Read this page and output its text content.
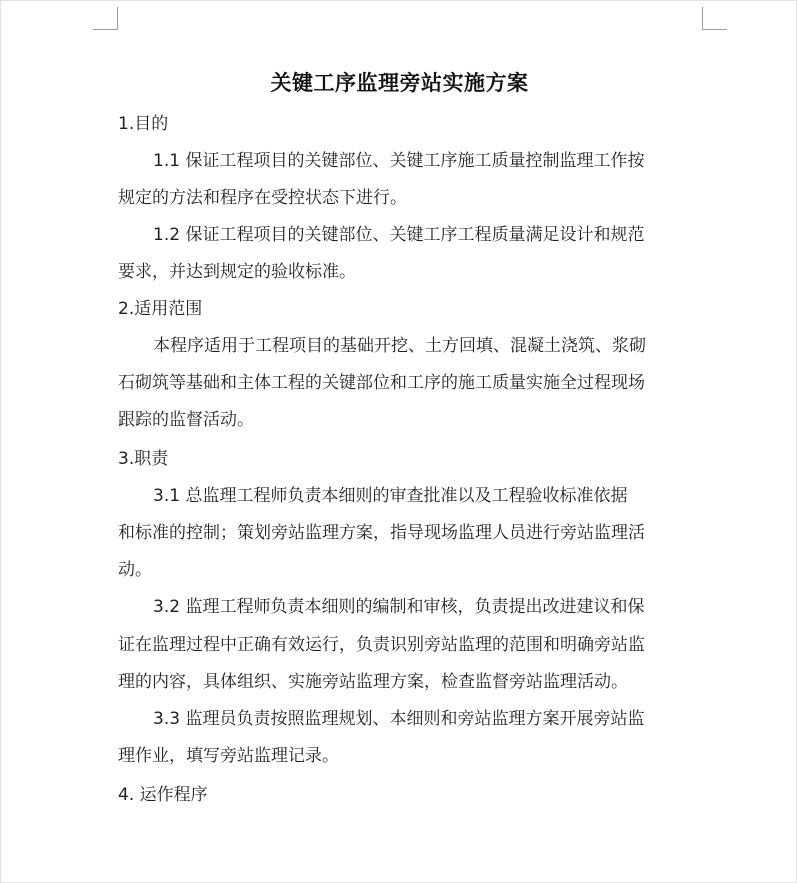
关键工序监理旁站实施方案
1.目的
1.1 保证工程项目的关键部位、关键工序施工质量控制监理工作按
规定的方法和程序在受控状态下进行。
1.2 保证工程项目的关键部位、关键工序工程质量满足设计和规范
要求，并达到规定的验收标准。
2.适用范围
本程序适用于工程项目的基础开挖、土方回填、混凝土浇筑、浆砌
石砌筑等基础和主体工程的关键部位和工序的施工质量实施全过程现场
跟踪的监督活动。
3.职责
3.1 总监理工程师负责本细则的审查批准以及工程验收标准依据
和标准的控制；策划旁站监理方案，指导现场监理人员进行旁站监理活
动。
3.2 监理工程师负责本细则的编制和审核，负责提出改进建议和保
证在监理过程中正确有效运行，负责识别旁站监理的范围和明确旁站监
理的内容，具体组织、实施旁站监理方案，检查监督旁站监理活动。
3.3 监理员负责按照监理规划、本细则和旁站监理方案开展旁站监
理作业，填写旁站监理记录。
4. 运作程序
